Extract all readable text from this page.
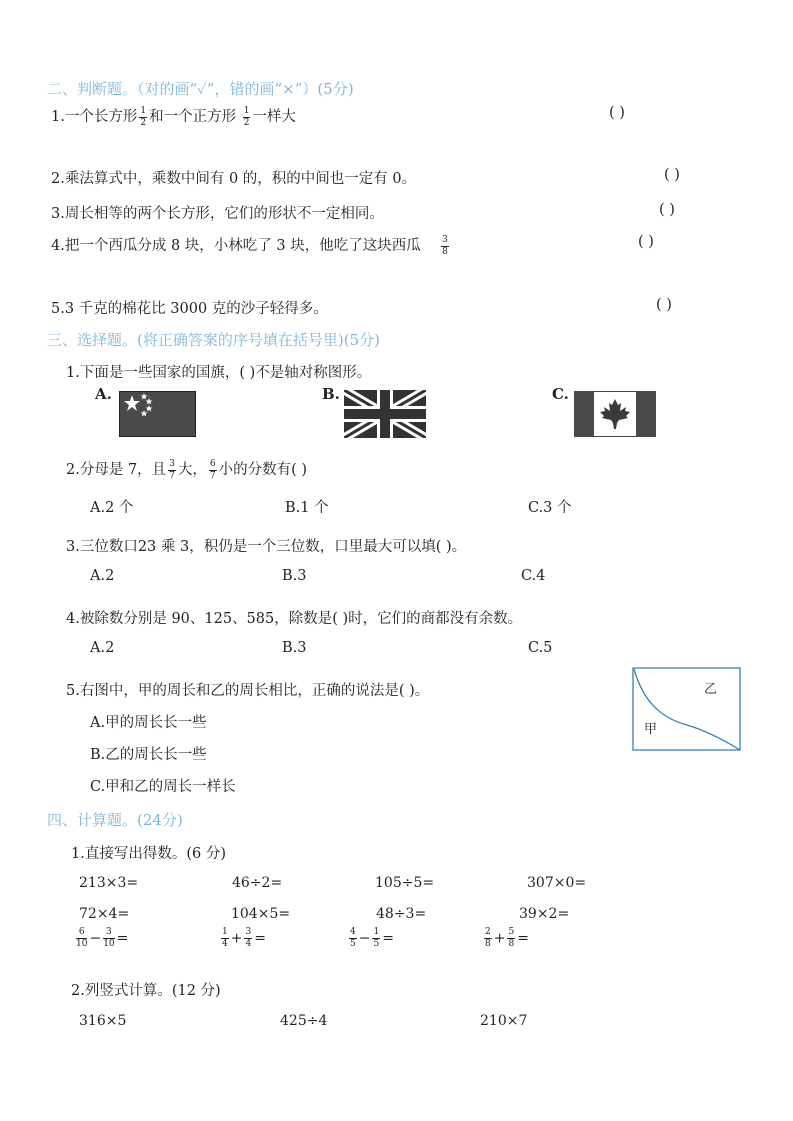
二、判断题。（对的画“✓”，错的画“×”）(5分)
1.一个长方形 $\frac{1}{2}$ 和一个正方形 $\frac{1}{2}$ 一样大	( )
2.乘法算式中，乘数中间有 0 的，积的中间也一定有 0。	( )
3.周长相等的两个长方形，它们的形状不一定相同。	( )
4.把一个西瓜分成 8 块，小林吃了 3 块，他吃了这块西瓜 $\frac{3}{8}$	( )
5.3 千克的棉花比 3000 克的沙子轻得多。	( )
三、选择题。(将正确答案的序号填在括号里)(5分)
1.下面是一些国家的国旗，( )不是轴对称图形。
A.	B.	C.
2.分母是 7，且 $\frac{3}{7}$ 大， $\frac{6}{7}$ 小的分数有( )
A.2 个	B.1 个	C.3 个
3.三位数口23 乘 3，积仍是一个三位数，口里最大可以填( )。
A.2	B.3	C.4
4.被除数分别是 90、125、585，除数是( )时，它们的商都没有余数。
A.2	B.3	C.5
5.右图中，甲的周长和乙的周长相比，正确的说法是( )。
A.甲的周长长一些
B.乙的周长长一些
C.甲和乙的周长一样长
乙
甲
四、计算题。(24分)
1.直接写出得数。(6 分)
213×3=	46÷2=	105÷5=	307×0=
72×4=	104×5=	48÷3=	39×2=
$\frac{6}{10} - \frac{3}{10}$ =	$\frac{1}{4} + \frac{3}{4}$ =	$\frac{4}{5} - \frac{1}{5}$ =	$\frac{2}{8} + \frac{5}{8}$ =
2.列竖式计算。(12 分)
316×5	425÷4	210×7
